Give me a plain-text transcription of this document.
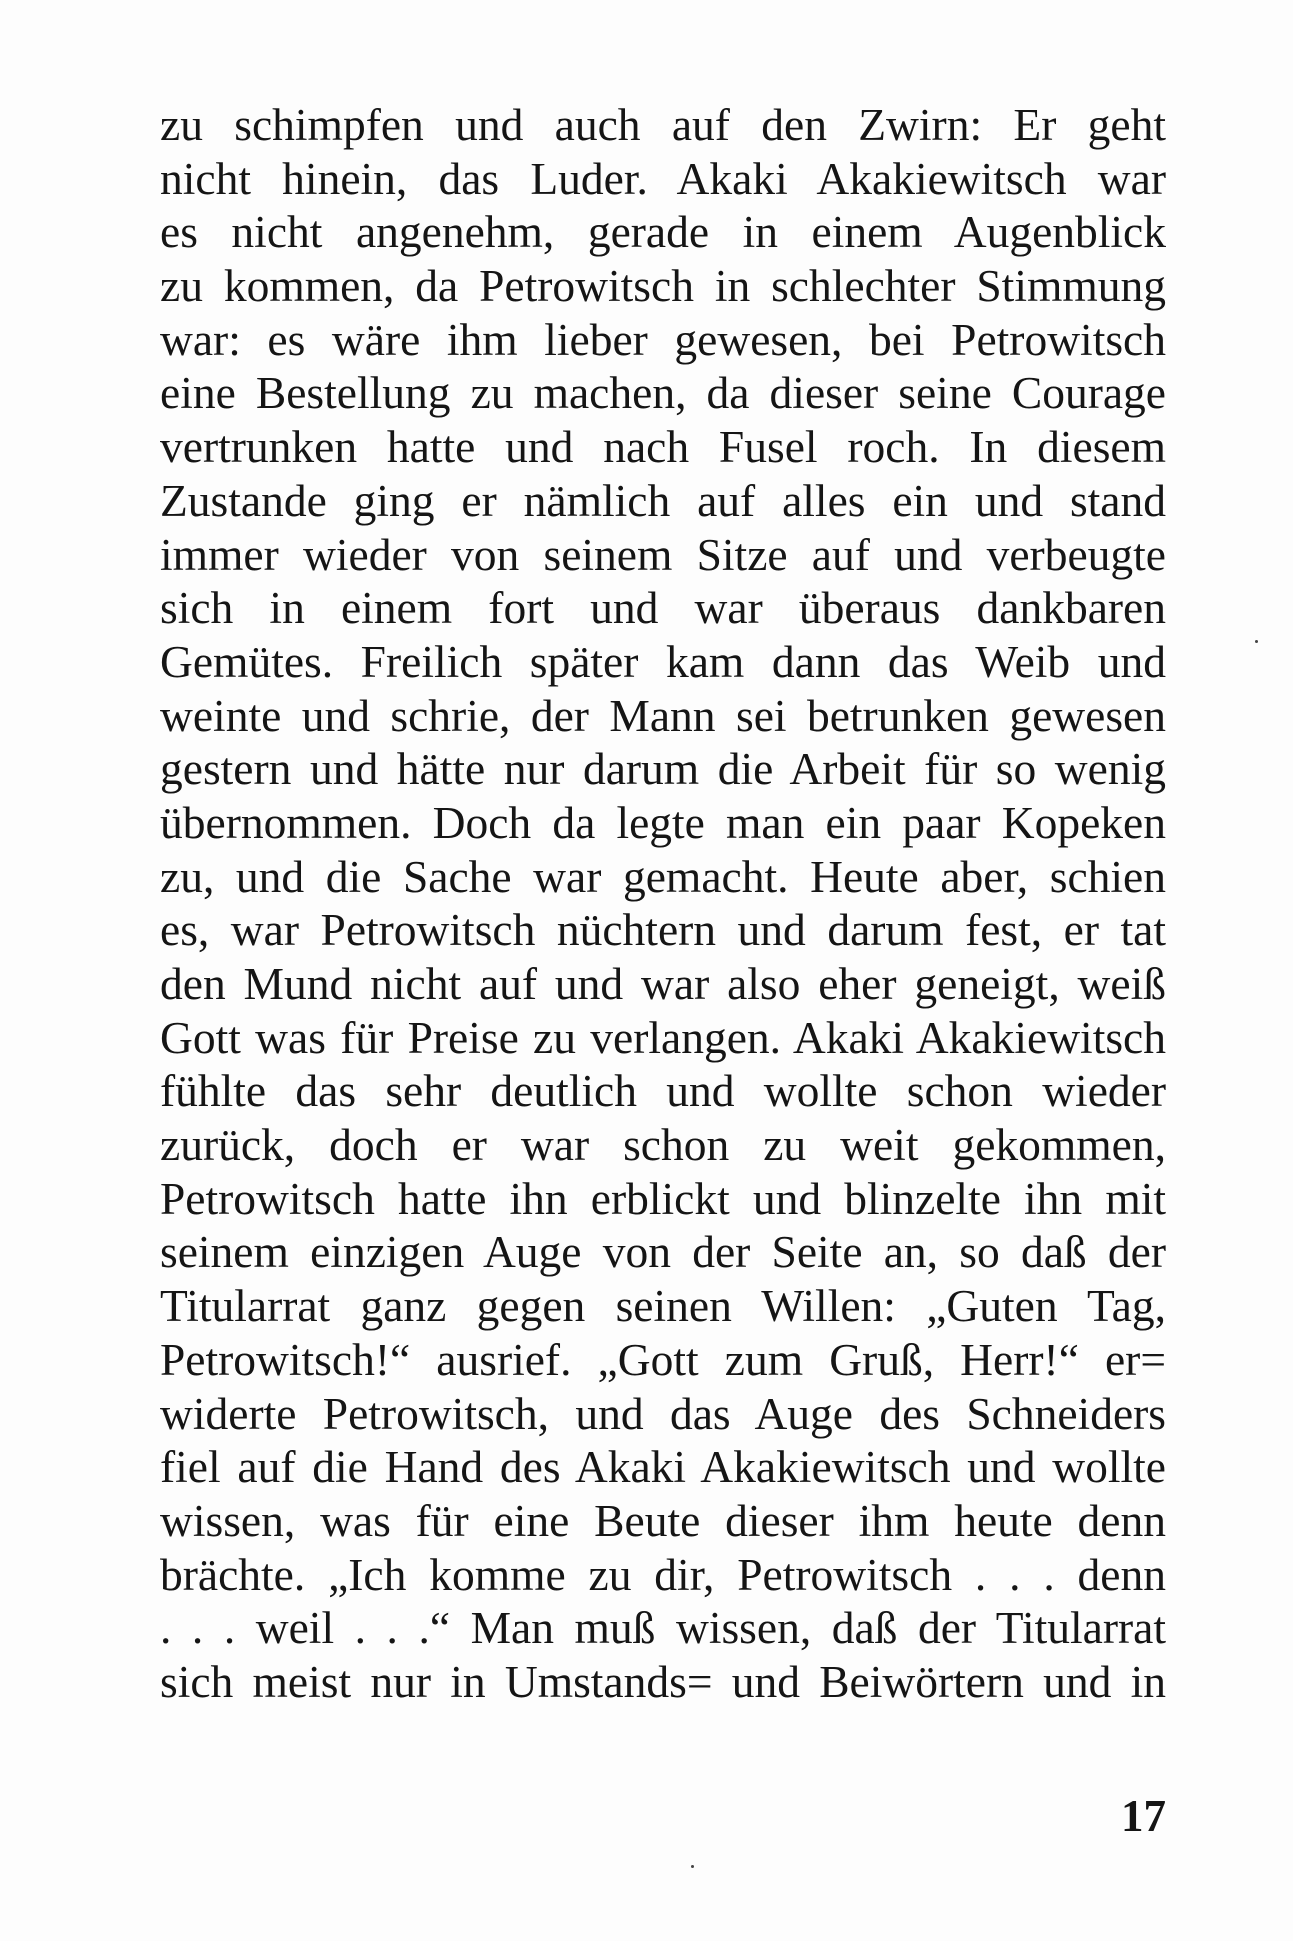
zu schimpfen und auch auf den Zwirn: Er geht
nicht hinein, das Luder. Akaki Akakiewitsch war
es nicht angenehm, gerade in einem Augenblick
zu kommen, da Petrowitsch in schlechter Stimmung
war: es wäre ihm lieber gewesen, bei Petrowitsch
eine Bestellung zu machen, da dieser seine Courage
vertrunken hatte und nach Fusel roch. In diesem
Zustande ging er nämlich auf alles ein und stand
immer wieder von seinem Sitze auf und verbeugte
sich in einem fort und war überaus dankbaren
Gemütes. Freilich später kam dann das Weib und
weinte und schrie, der Mann sei betrunken gewesen
gestern und hätte nur darum die Arbeit für so wenig
übernommen. Doch da legte man ein paar Kopeken
zu, und die Sache war gemacht. Heute aber, schien
es, war Petrowitsch nüchtern und darum fest, er tat
den Mund nicht auf und war also eher geneigt, weiß
Gott was für Preise zu verlangen. Akaki Akakiewitsch
fühlte das sehr deutlich und wollte schon wieder
zurück, doch er war schon zu weit gekommen,
Petrowitsch hatte ihn erblickt und blinzelte ihn mit
seinem einzigen Auge von der Seite an, so daß der
Titularrat ganz gegen seinen Willen: „Guten Tag,
Petrowitsch!“ ausrief. „Gott zum Gruß, Herr!“ er=
widerte Petrowitsch, und das Auge des Schneiders
fiel auf die Hand des Akaki Akakiewitsch und wollte
wissen, was für eine Beute dieser ihm heute denn
brächte. „Ich komme zu dir, Petrowitsch . . . denn
. . . weil . . .“ Man muß wissen, daß der Titularrat
sich meist nur in Umstands= und Beiwörtern und in
17
